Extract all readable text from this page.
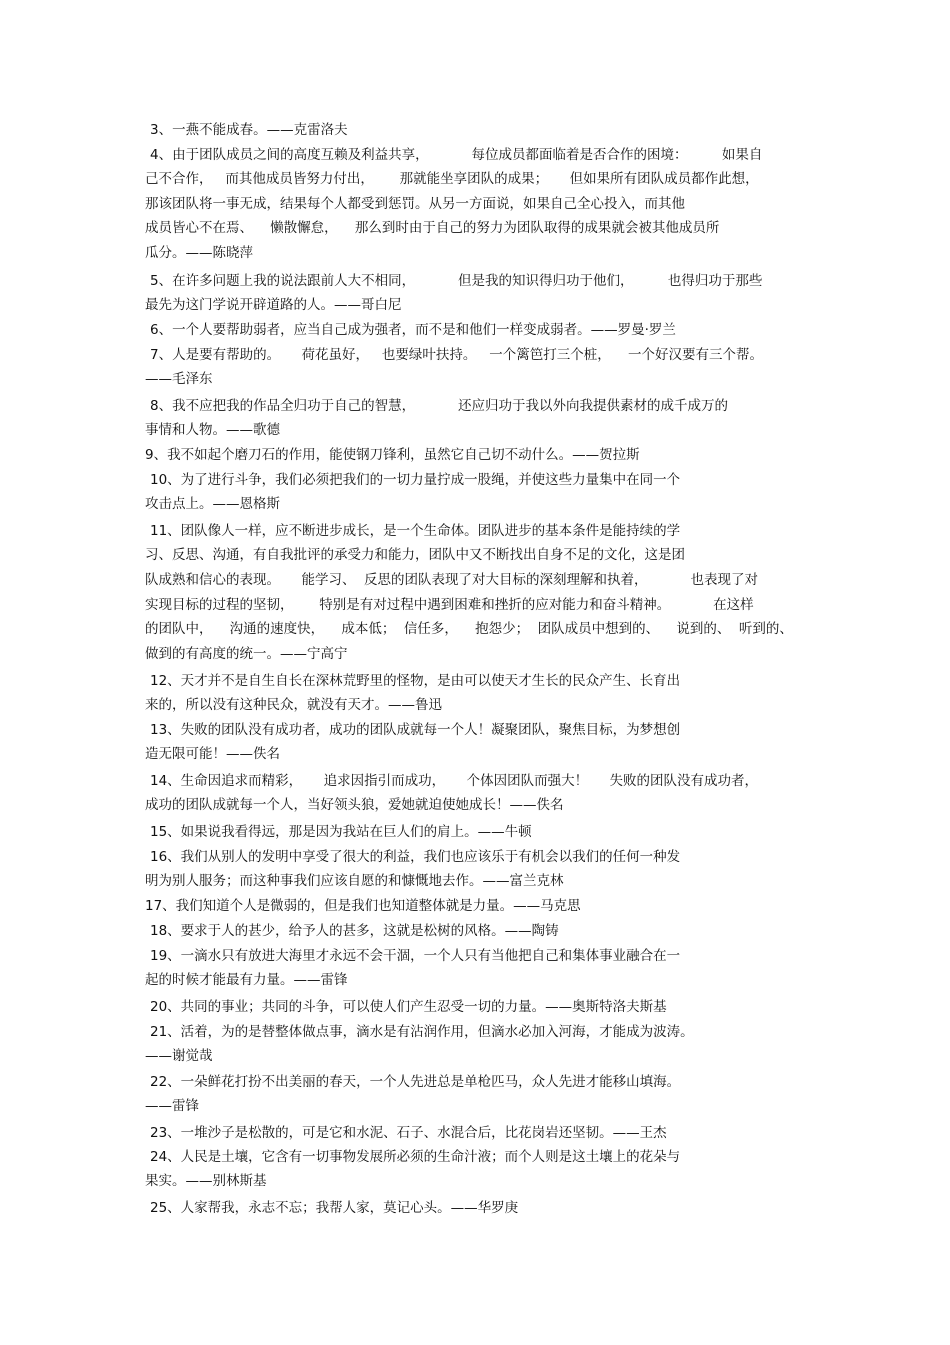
3、一燕不能成春。——克雷洛夫
4、由于团队成员之间的高度互赖及利益共享，          每位成员都面临着是否合作的困境：        如果自
己不合作，   而其他成员皆努力付出，      那就能坐享团队的成果；     但如果所有团队成员都作此想，
那该团队将一事无成，结果每个人都受到惩罚。从另一方面说，如果自己全心投入，而其他
成员皆心不在焉、    懒散懈怠，    那么到时由于自己的努力为团队取得的成果就会被其他成员所
瓜分。——陈晓萍
5、在许多问题上我的说法跟前人大不相同，          但是我的知识得归功于他们，        也得归功于那些
最先为这门学说开辟道路的人。——哥白尼
6、一个人要帮助弱者，应当自己成为强者，而不是和他们一样变成弱者。——罗曼·罗兰
7、人是要有帮助的。     荷花虽好，   也要绿叶扶持。   一个篱笆打三个桩，    一个好汉要有三个帮。
——毛泽东
8、我不应把我的作品全归功于自己的智慧，          还应归功于我以外向我提供素材的成千成万的
事情和人物。——歌德
9、我不如起个磨刀石的作用，能使钢刀锋利，虽然它自己切不动什么。——贺拉斯
10、为了进行斗争，我们必须把我们的一切力量拧成一股绳，并使这些力量集中在同一个
攻击点上。——恩格斯
11、团队像人一样，应不断进步成长，是一个生命体。团队进步的基本条件是能持续的学
习、反思、沟通，有自我批评的承受力和能力，团队中又不断找出自身不足的文化，这是团
队成熟和信心的表现。     能学习、  反思的团队表现了对大目标的深刻理解和执着，          也表现了对
实现目标的过程的坚韧，      特别是有对过程中遇到困难和挫折的应对能力和奋斗精神。          在这样
的团队中，    沟通的速度快，    成本低；  信任多，    抱怨少；  团队成员中想到的、    说到的、  听到的、
做到的有高度的统一。——宁高宁
12、天才并不是自生自长在深林荒野里的怪物，是由可以使天才生长的民众产生、长育出
来的，所以没有这种民众，就没有天才。——鲁迅
13、失败的团队没有成功者，成功的团队成就每一个人！凝聚团队，聚焦目标，为梦想创
造无限可能！——佚名
14、生命因追求而精彩，     追求因指引而成功，     个体因团队而强大！     失败的团队没有成功者，
成功的团队成就每一个人，当好领头狼，爱她就迫使她成长！——佚名
15、如果说我看得远，那是因为我站在巨人们的肩上。——牛顿
16、我们从别人的发明中享受了很大的利益，我们也应该乐于有机会以我们的任何一种发
明为别人服务；而这种事我们应该自愿的和慷慨地去作。——富兰克林
17、我们知道个人是微弱的，但是我们也知道整体就是力量。——马克思
18、要求于人的甚少，给予人的甚多，这就是松树的风格。——陶铸
19、一滴水只有放进大海里才永远不会干涸，一个人只有当他把自己和集体事业融合在一
起的时候才能最有力量。——雷锋
20、共同的事业；共同的斗争，可以使人们产生忍受一切的力量。——奥斯特洛夫斯基
21、活着，为的是替整体做点事，滴水是有沾润作用，但滴水必加入河海，才能成为波涛。
——谢觉哉
22、一朵鲜花打扮不出美丽的春天，一个人先进总是单枪匹马，众人先进才能移山填海。
——雷锋
23、一堆沙子是松散的，可是它和水泥、石子、水混合后，比花岗岩还坚韧。——王杰
24、人民是土壤，它含有一切事物发展所必须的生命汁液；而个人则是这土壤上的花朵与
果实。——别林斯基
25、人家帮我，永志不忘；我帮人家，莫记心头。——华罗庚
